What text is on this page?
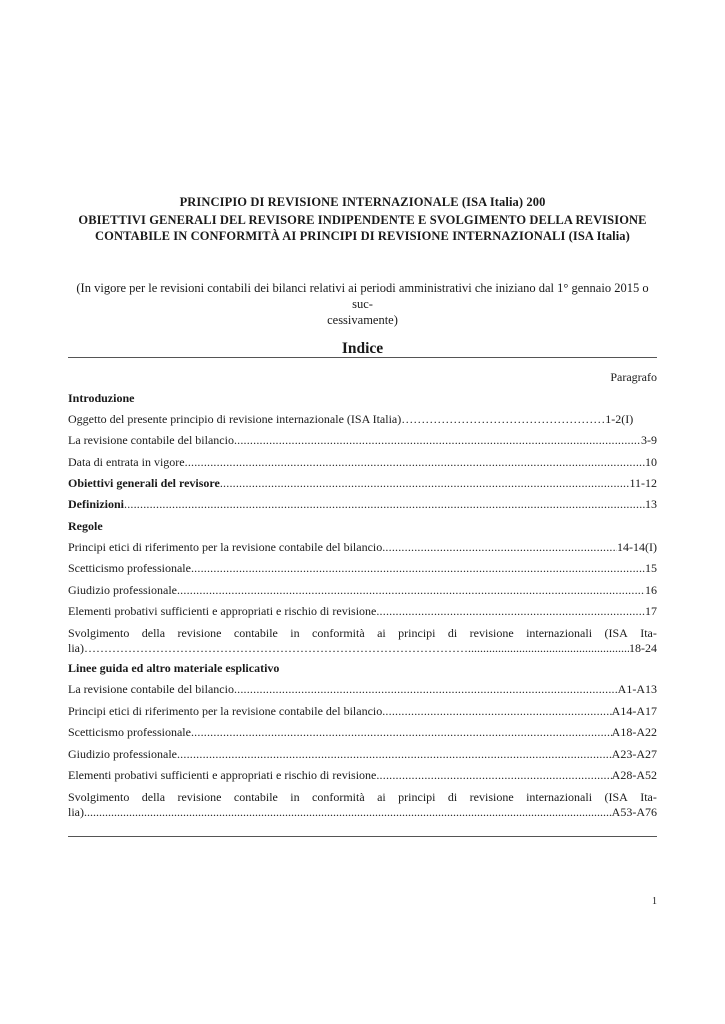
PRINCIPIO DI REVISIONE INTERNAZIONALE (ISA Italia) 200
OBIETTIVI GENERALI DEL REVISORE INDIPENDENTE E SVOLGIMENTO DELLA REVISIONE
CONTABILE IN CONFORMITÀ AI PRINCIPI DI REVISIONE INTERNAZIONALI (ISA Italia)
(In vigore per le revisioni contabili dei bilanci relativi ai periodi amministrativi che iniziano dal 1° gennaio 2015 o suc-
cessivamente)
Indice
Paragrafo
Introduzione
Oggetto del presente principio di revisione internazionale (ISA Italia)…………………………………………… 1-2(I)
La revisione contabile del bilancio .....	3-9
Data di entrata in vigore .....	10
Obiettivi generali del revisore .....	11-12
Definizioni .....	13
Regole
Principi etici di riferimento per la revisione contabile del bilancio .....	14-14(I)
Scetticismo professionale .....	15
Giudizio professionale .....	16
Elementi probativi sufficienti e appropriati e rischio di revisione .....	17
Svolgimento della revisione contabile in conformità ai principi di revisione internazionali (ISA Ita-
lia)…………………………………………………………………………………… .....	18-24
Linee guida ed altro materiale esplicativo
La revisione contabile del bilancio .....	A1-A13
Principi etici di riferimento per la revisione contabile del bilancio .....	A14-A17
Scetticismo professionale .....	A18-A22
Giudizio professionale .....	A23-A27
Elementi probativi sufficienti e appropriati e rischio di revisione .....	A28-A52
Svolgimento della revisione contabile in conformità ai principi di revisione internazionali (ISA Ita-
lia) .....	A53-A76
1
